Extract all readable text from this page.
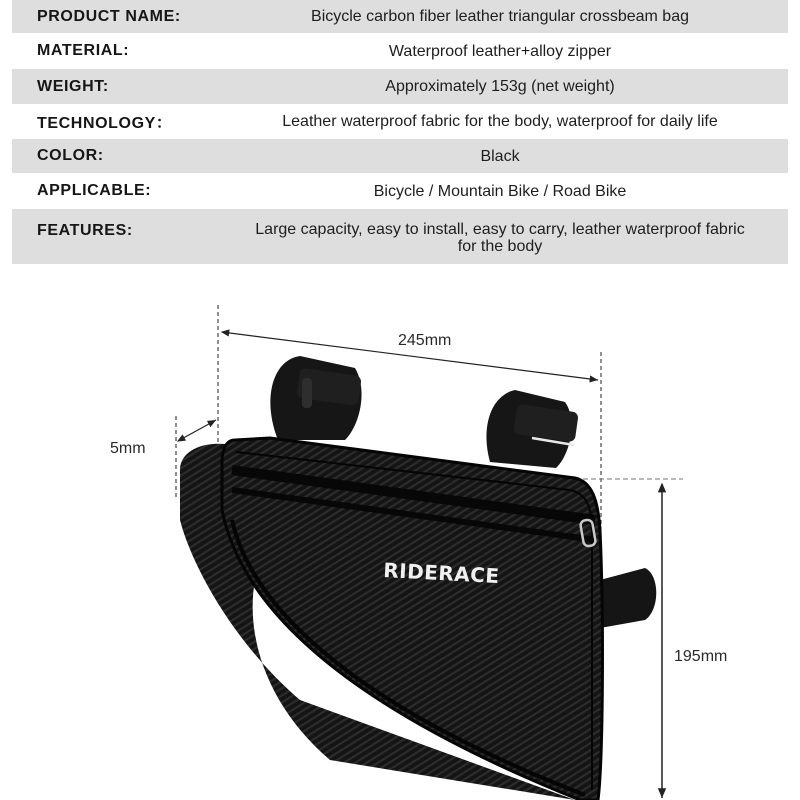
PRODUCT NAME:	Bicycle carbon fiber leather triangular crossbeam bag
MATERIAL:	Waterproof leather+alloy zipper
WEIGHT:	Approximately 153g (net weight)
TECHNOLOGY：	Leather waterproof fabric for the body, waterproof for daily life
COLOR:	Black
APPLICABLE:	Bicycle / Mountain Bike / Road Bike
FEATURES:	Large capacity, easy to install, easy to carry, leather waterproof fabric for the body
RIDERACE
245mm
5mm
195mm
